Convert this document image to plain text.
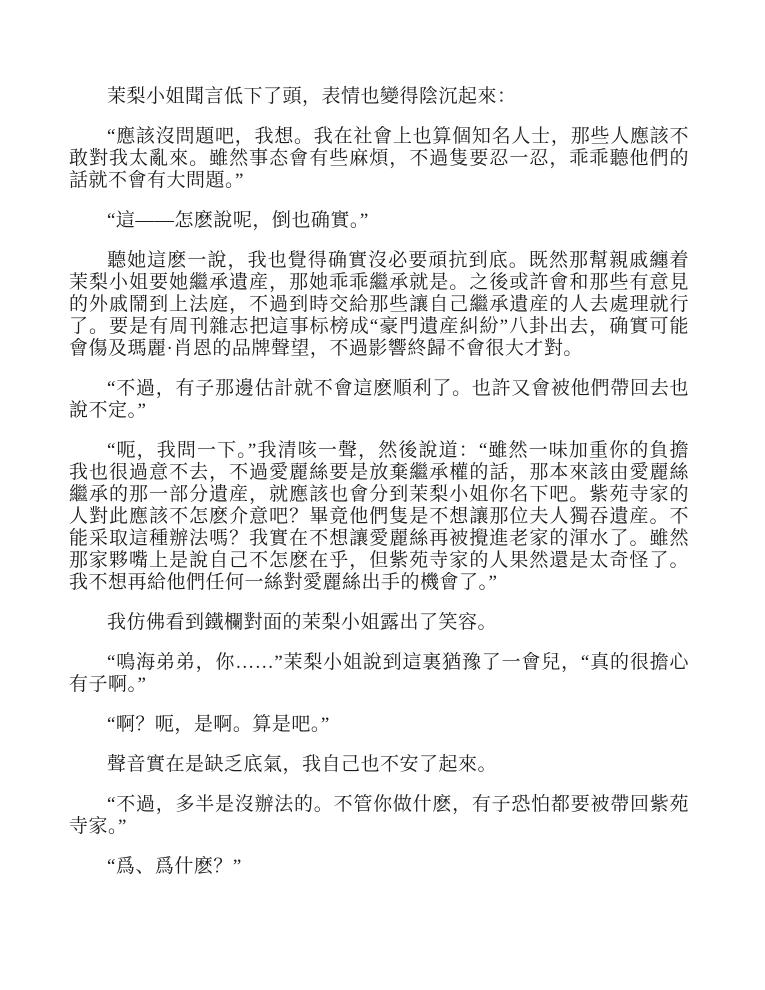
茉梨小姐聞言低下了頭，表情也變得陰沉起來：

“應該沒問題吧，我想。我在社會上也算個知名人士，那些人應該不敢對我太亂來。雖然事态會有些麻煩，不過隻要忍一忍，乖乖聽他們的話就不會有大問題。”

“這——怎麽說呢，倒也确實。”

聽她這麽一說，我也覺得确實沒必要頑抗到底。既然那幫親戚纏着茉梨小姐要她繼承遺産，那她乖乖繼承就是。之後或許會和那些有意見的外戚鬧到上法庭，不過到時交給那些讓自己繼承遺産的人去處理就行了。要是有周刊雜志把這事标榜成“豪門遺産糾紛”八卦出去，确實可能會傷及瑪麗·肖恩的品牌聲望，不過影響終歸不會很大才對。

“不過，有子那邊估計就不會這麽順利了。也許又會被他們帶回去也說不定。”

“呃，我問一下。”我清咳一聲，然後說道：“雖然一味加重你的負擔我也很過意不去，不過愛麗絲要是放棄繼承權的話，那本來該由愛麗絲繼承的那一部分遺産，就應該也會分到茉梨小姐你名下吧。紫苑寺家的人對此應該不怎麽介意吧？畢竟他們隻是不想讓那位夫人獨吞遺産。不能采取這種辦法嗎？我實在不想讓愛麗絲再被攪進老家的渾水了。雖然那家夥嘴上是說自己不怎麽在乎，但紫苑寺家的人果然還是太奇怪了。我不想再給他們任何一絲對愛麗絲出手的機會了。”

我仿佛看到鐵欄對面的茉梨小姐露出了笑容。

“鳴海弟弟，你……”茉梨小姐說到這裏猶豫了一會兒，“真的很擔心有子啊。”

“啊？呃，是啊。算是吧。”

聲音實在是缺乏底氣，我自己也不安了起來。

“不過，多半是沒辦法的。不管你做什麽，有子恐怕都要被帶回紫苑寺家。”

“爲、爲什麽？”
